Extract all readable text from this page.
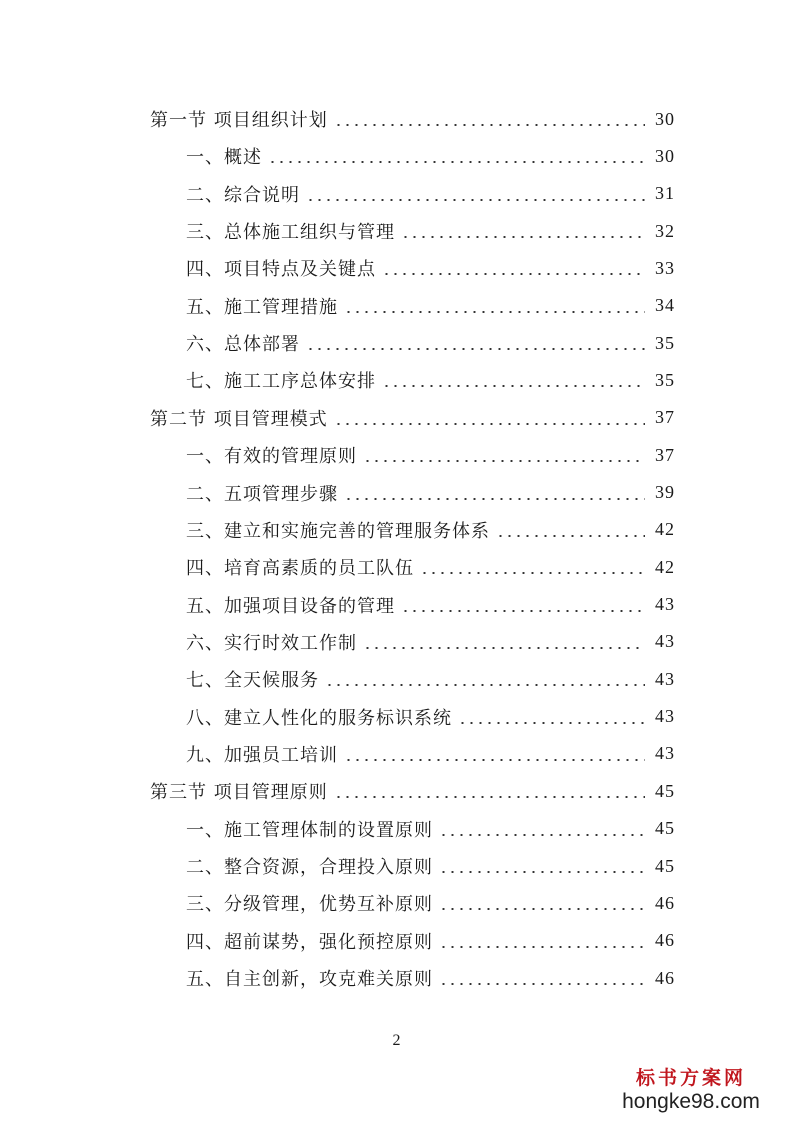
第一节 项目组织计划	30
一、概述	30
二、综合说明	31
三、总体施工组织与管理	32
四、项目特点及关键点	33
五、施工管理措施	34
六、总体部署	35
七、施工工序总体安排	35
第二节 项目管理模式	37
一、有效的管理原则	37
二、五项管理步骤	39
三、建立和实施完善的管理服务体系	42
四、培育高素质的员工队伍	42
五、加强项目设备的管理	43
六、实行时效工作制	43
七、全天候服务	43
八、建立人性化的服务标识系统	43
九、加强员工培训	43
第三节 项目管理原则	45
一、施工管理体制的设置原则	45
二、整合资源，合理投入原则	45
三、分级管理，优势互补原则	46
四、超前谋势，强化预控原则	46
五、自主创新，攻克难关原则	46
2
标书方案网
hongke98.com
